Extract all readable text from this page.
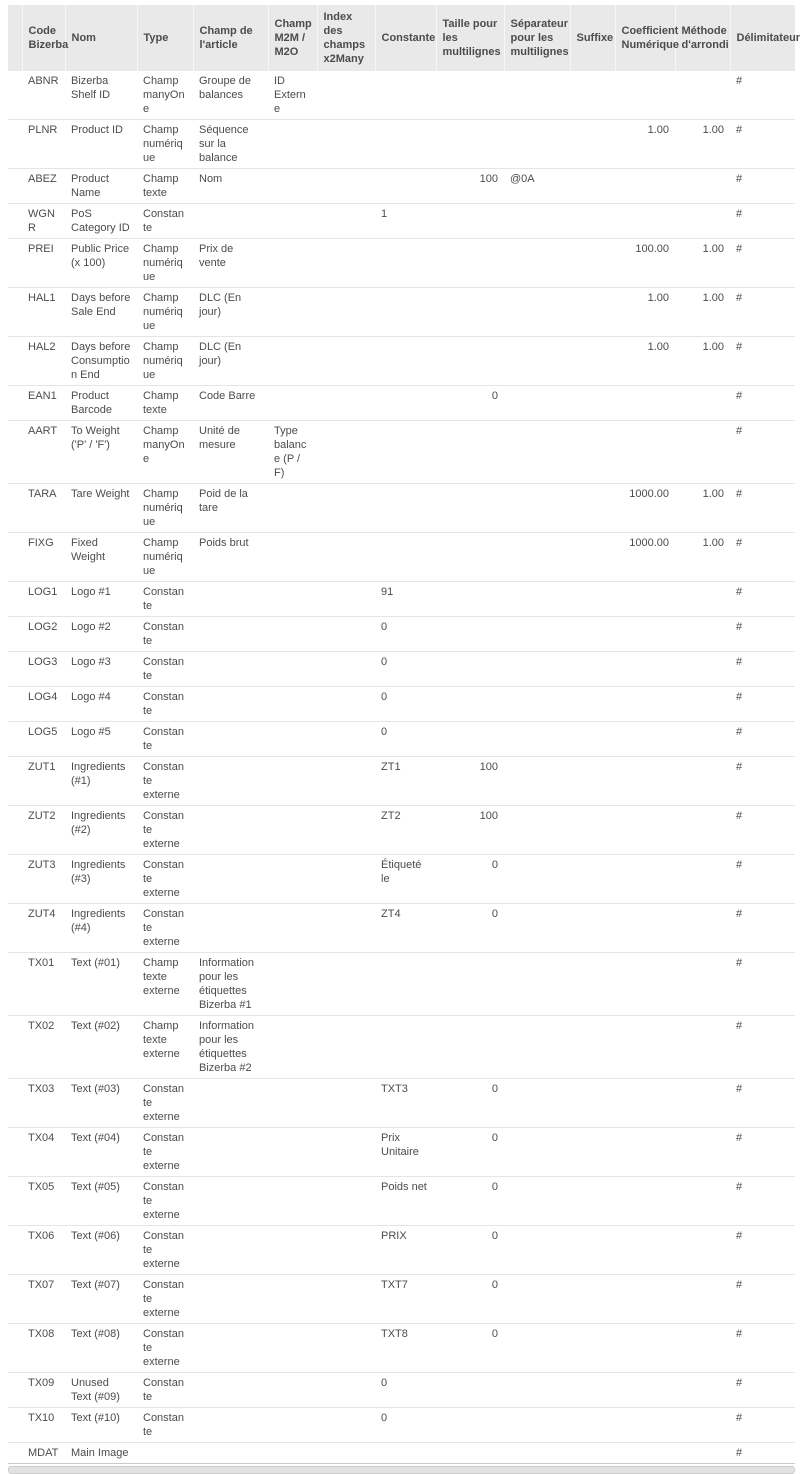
	Code Bizerba	Nom	Type	Champ de l'article	Champ M2M / M2O	Index des champs x2Many	Constante	Taille pour les multilignes	Séparateur pour les multilignes	Suffixe	Coefficient Numérique	Méthode d'arrondi	Délimitateur
	ABNR	Bizerba Shelf ID	Champ manyOne	Groupe de balances	ID Externe								#
	PLNR	Product ID	Champ numérique	Séquence sur la balance							1.00	1.00	#
	ABEZ	Product Name	Champ texte	Nom				100	@0A				#
	WGNR	PoS Category ID	Constante				1						#
	PREI	Public Price (x 100)	Champ numérique	Prix de vente							100.00	1.00	#
	HAL1	Days before Sale End	Champ numérique	DLC (En jour)							1.00	1.00	#
	HAL2	Days before Consumption End	Champ numérique	DLC (En jour)							1.00	1.00	#
	EAN1	Product Barcode	Champ texte	Code Barre				0					#
	AART	To Weight ('P' / 'F')	Champ manyOne	Unité de mesure	Type balance (P / F)								#
	TARA	Tare Weight	Champ numérique	Poid de la tare							1000.00	1.00	#
	FIXG	Fixed Weight	Champ numérique	Poids brut							1000.00	1.00	#
	LOG1	Logo #1	Constante				91						#
	LOG2	Logo #2	Constante				0						#
	LOG3	Logo #3	Constante				0						#
	LOG4	Logo #4	Constante				0						#
	LOG5	Logo #5	Constante				0						#
	ZUT1	Ingredients (#1)	Constante externe				ZT1	100					#
	ZUT2	Ingredients (#2)	Constante externe				ZT2	100					#
	ZUT3	Ingredients (#3)	Constante externe				Étiqueté le	0					#
	ZUT4	Ingredients (#4)	Constante externe				ZT4	0					#
	TX01	Text (#01)	Champ texte externe	Information pour les étiquettes Bizerba #1									#
	TX02	Text (#02)	Champ texte externe	Information pour les étiquettes Bizerba #2									#
	TX03	Text (#03)	Constante externe				TXT3	0					#
	TX04	Text (#04)	Constante externe				Prix Unitaire	0					#
	TX05	Text (#05)	Constante externe				Poids net	0					#
	TX06	Text (#06)	Constante externe				PRIX	0					#
	TX07	Text (#07)	Constante externe				TXT7	0					#
	TX08	Text (#08)	Constante externe				TXT8	0					#
	TX09	Unused Text (#09)	Constante				0						#
	TX10	Text (#10)	Constante				0						#
	MDAT	Main Image											#
